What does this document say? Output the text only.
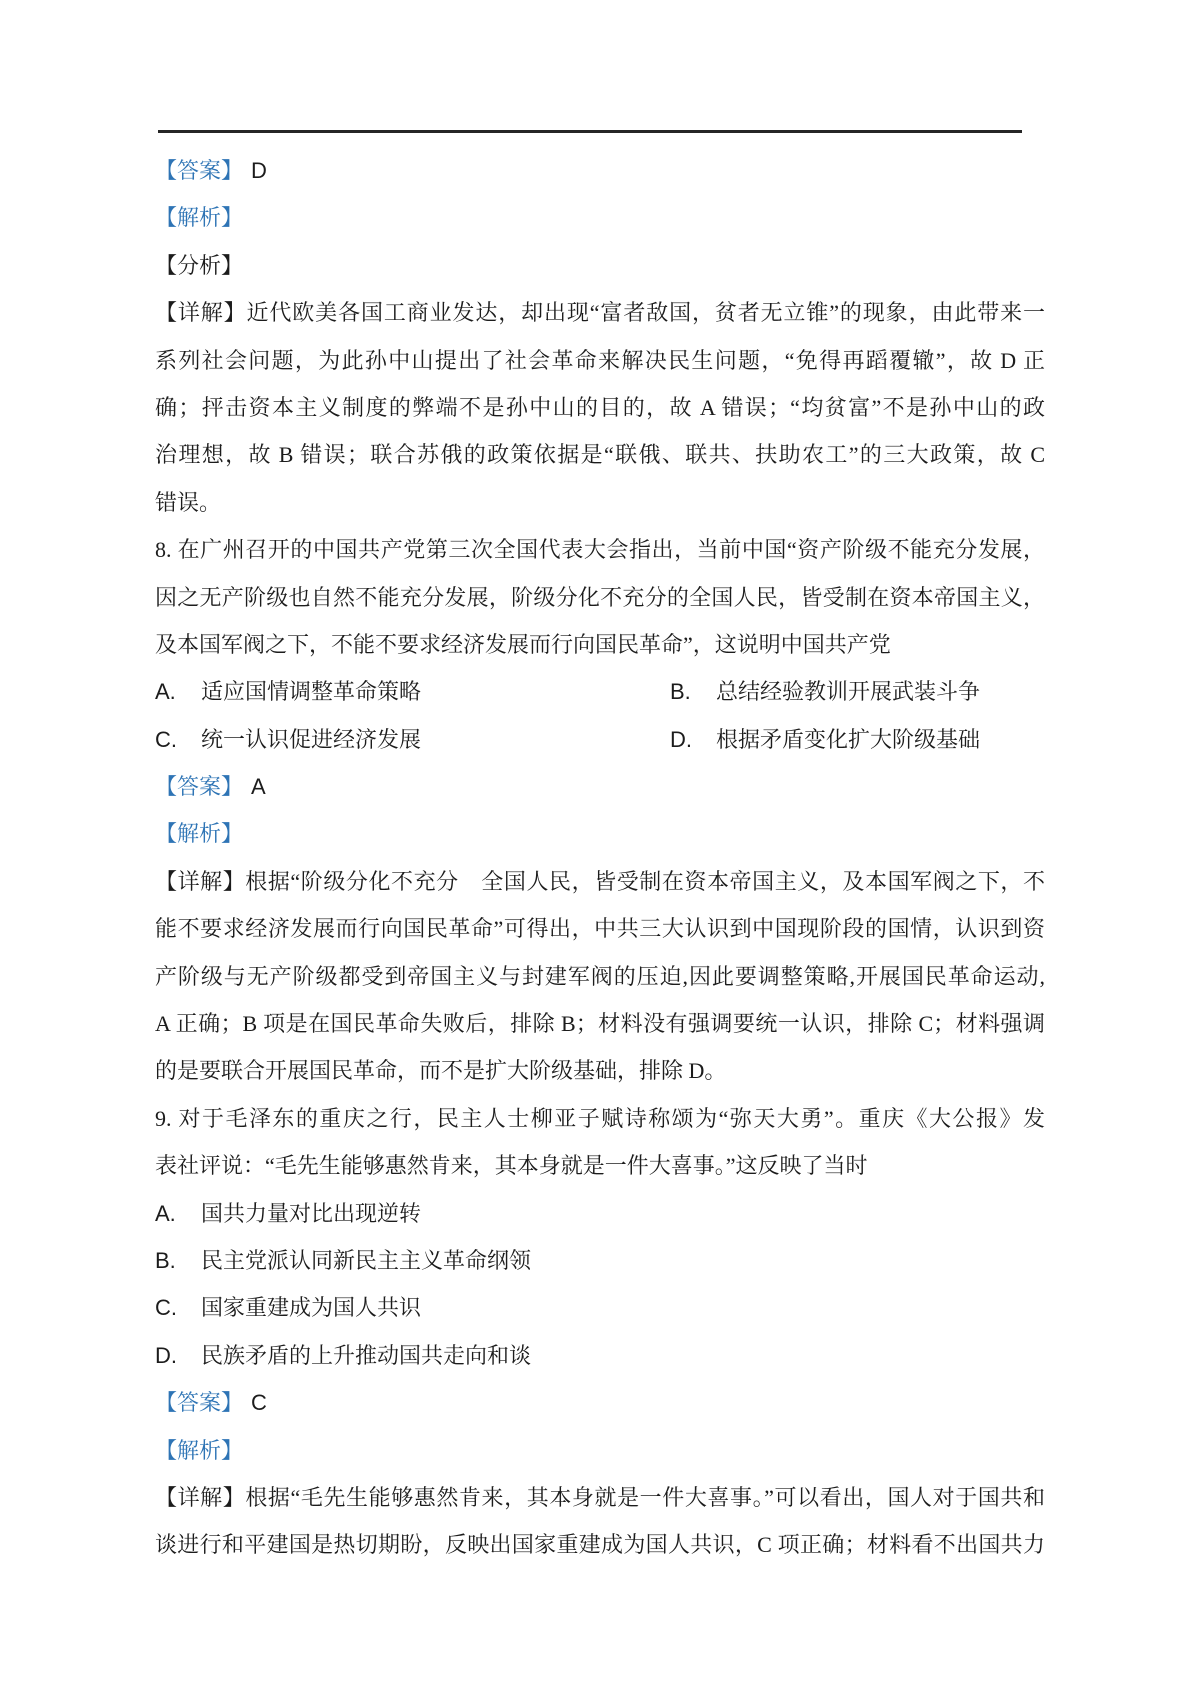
【答案】 D
【解析】
【分析】
【详解】近代欧美各国工商业发达，却出现“富者敌国，贫者无立锥”的现象，由此带来一
系列社会问题，为此孙中山提出了社会革命来解决民生问题，“免得再蹈覆辙”，故 D 正
确；抨击资本主义制度的弊端不是孙中山的目的，故 A 错误；“均贫富”不是孙中山的政
治理想，故 B 错误；联合苏俄的政策依据是“联俄、联共、扶助农工”的三大政策，故 C
错误。
8. 在广州召开的中国共产党第三次全国代表大会指出，当前中国“资产阶级不能充分发展，
因之无产阶级也自然不能充分发展，阶级分化不充分的全国人民，皆受制在资本帝国主义，
及本国军阀之下，不能不要求经济发展而行向国民革命”，这说明中国共产党
A. 适应国情调整革命策略	B. 总结经验教训开展武装斗争
C. 统一认识促进经济发展	D. 根据矛盾变化扩大阶级基础
【答案】 A
【解析】
【详解】根据“阶级分化不充分　全国人民，皆受制在资本帝国主义，及本国军阀之下，不
能不要求经济发展而行向国民革命”可得出，中共三大认识到中国现阶段的国情，认识到资
产阶级与无产阶级都受到帝国主义与封建军阀的压迫,因此要调整策略,开展国民革命运动,
A 正确；B 项是在国民革命失败后，排除 B；材料没有强调要统一认识，排除 C；材料强调
的是要联合开展国民革命，而不是扩大阶级基础，排除 D。
9. 对于毛泽东的重庆之行，民主人士柳亚子赋诗称颂为“弥天大勇”。重庆《大公报》发
表社评说：“毛先生能够惠然肯来，其本身就是一件大喜事。”这反映了当时
A. 国共力量对比出现逆转
B. 民主党派认同新民主主义革命纲领
C. 国家重建成为国人共识
D. 民族矛盾的上升推动国共走向和谈
【答案】 C
【解析】
【详解】根据“毛先生能够惠然肯来，其本身就是一件大喜事。”可以看出，国人对于国共和
谈进行和平建国是热切期盼，反映出国家重建成为国人共识，C 项正确；材料看不出国共力
